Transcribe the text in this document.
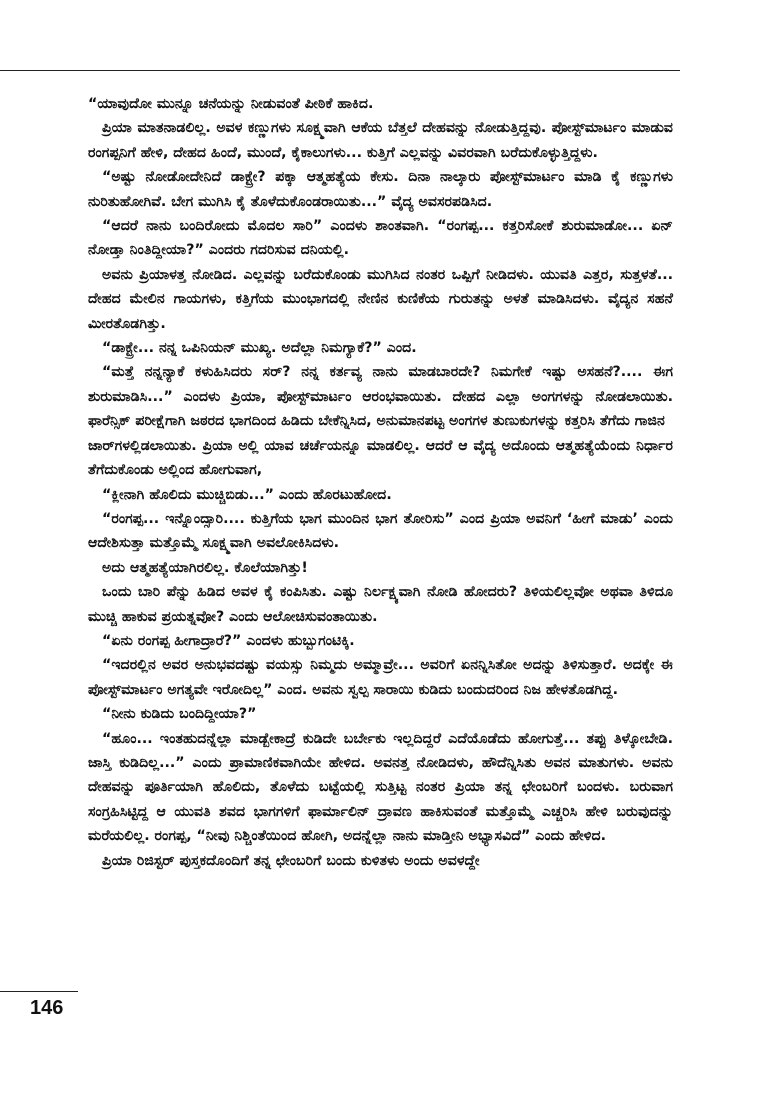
“ಯಾವುದೋ ಮುನ್ನೂ ಚನೆಯನ್ನು ನೀಡುವಂತೆ ಪೀಠಿಕೆ ಹಾಕಿದ.

ಪ್ರಿಯಾ ಮಾತನಾಡಲಿಲ್ಲ. ಅವಳ ಕಣ್ಣುಗಳು ಸೂಕ್ಷ್ಮವಾಗಿ ಆಕೆಯ ಬೆತ್ತಲೆ ದೇಹವನ್ನು ನೋಡುತ್ತಿದ್ದವು. ಪೋಸ್ಟ್‌ಮಾರ್ಟಂ ಮಾಡುವ ರಂಗಪ್ಪನಿಗೆ ಹೇಳಿ, ದೇಹದ ಹಿಂದೆ, ಮುಂದೆ, ಕೈಕಾಲುಗಳು... ಕುತ್ತಿಗೆ ಎಲ್ಲವನ್ನು ವಿವರವಾಗಿ ಬರೆದುಕೊಳ್ಳುತ್ತಿದ್ದಳು.

“ಅಷ್ಟು ನೋಡೋದೇನಿದೆ ಡಾಕ್ಟ್ರೇ? ಪಕ್ಕಾ ಆತ್ಮಹತ್ಯೆಯ ಕೇಸು. ದಿನಾ ನಾಲ್ಕಾರು ಪೋಸ್ಟ್‌ಮಾರ್ಟಂ ಮಾಡಿ ಕೈ ಕಣ್ಣುಗಳು ನುರಿತುಹೋಗಿವೆ. ಬೇಗ ಮುಗಿಸಿ ಕೈ ತೊಳೆದುಕೊಂಡರಾಯಿತು...” ವೈದ್ಯ ಅವಸರಪಡಿಸಿದ.

“ಆದರೆ ನಾನು ಬಂದಿರೋದು ಮೊದಲ ಸಾರಿ” ಎಂದಳು ಶಾಂತವಾಗಿ. “ರಂಗಪ್ಪ... ಕತ್ತರಿಸೋಕೆ ಶುರುಮಾಡೋ... ಏನ್ ನೋಡ್ತಾ ನಿಂತಿದ್ದೀಯಾ?” ಎಂದರು ಗದರಿಸುವ ದನಿಯಲ್ಲಿ.

ಅವನು ಪ್ರಿಯಾಳತ್ತ ನೋಡಿದ. ಎಲ್ಲವನ್ನು ಬರೆದುಕೊಂಡು ಮುಗಿಸಿದ ನಂತರ ಒಪ್ಪಿಗೆ ನೀಡಿದಳು. ಯುವತಿ ಎತ್ತರ, ಸುತ್ತಳತೆ... ದೇಹದ ಮೇಲಿನ ಗಾಯಗಳು, ಕತ್ತಿಗೆಯ ಮುಂಭಾಗದಲ್ಲಿ ನೇಣಿನ ಕುಣಿಕೆಯ ಗುರುತನ್ನು ಅಳತೆ ಮಾಡಿಸಿದಳು. ವೈದ್ಯನ ಸಹನೆ ಮೀರತೊಡಗಿತ್ತು.

“ಡಾಕ್ಟ್ರೇ... ನನ್ನ ಒಪಿನಿಯನ್ ಮುಖ್ಯ. ಅದೆಲ್ಲಾ ನಿಮಗ್ಯಾಕೆ?” ಎಂದ.

“ಮತ್ತೆ ನನ್ನನ್ಯಾಕೆ ಕಳುಹಿಸಿದರು ಸರ್? ನನ್ನ ಕರ್ತವ್ಯ ನಾನು ಮಾಡಬಾರದೇ? ನಿಮಗೇಕೆ ಇಷ್ಟು ಅಸಹನೆ?.... ಈಗ ಶುರುಮಾಡಿಸಿ...” ಎಂದಳು ಪ್ರಿಯಾ, ಪೋಸ್ಟ್‌ಮಾರ್ಟಂ ಆರಂಭವಾಯಿತು. ದೇಹದ ಎಲ್ಲಾ ಅಂಗಗಳನ್ನು ನೋಡಲಾಯಿತು. ಫಾರೆನ್ಸಿಕ್ ಪರೀಕ್ಷೆಗಾಗಿ ಜಠರದ ಭಾಗದಿಂದ ಹಿಡಿದು ಬೇಕೆನ್ನಿಸಿದ, ಅನುಮಾನಪಟ್ಟ ಅಂಗಗಳ ತುಣುಕುಗಳನ್ನು ಕತ್ತರಿಸಿ ತೆಗೆದು ಗಾಜಿನ

ಜಾರ್‌ಗಳಲ್ಲಿಡಲಾಯಿತು. ಪ್ರಿಯಾ ಅಲ್ಲಿ ಯಾವ ಚರ್ಚೆಯನ್ನೂ ಮಾಡಲಿಲ್ಲ. ಆದರೆ ಆ ವೈದ್ಯ ಅದೊಂದು ಆತ್ಮಹತ್ಯೆಯೆಂದು ನಿರ್ಧಾರ ತೆಗೆದುಕೊಂಡು ಅಲ್ಲಿಂದ ಹೋಗುವಾಗ,

“ಕ್ಲೀನಾಗಿ ಹೊಲಿದು ಮುಚ್ಚಿಬಿಡು...” ಎಂದು ಹೊರಟುಹೋದ.

“ರಂಗಪ್ಪ... ಇನ್ನೊಂದ್ಸಾರಿ.... ಕುತ್ತಿಗೆಯ ಭಾಗ ಮುಂದಿನ ಭಾಗ ತೋರಿಸು” ಎಂದ ಪ್ರಿಯಾ ಅವನಿಗೆ ‘ಹೀಗೆ ಮಾಡು’ ಎಂದು ಆದೇಶಿಸುತ್ತಾ ಮತ್ತೊಮ್ಮೆ ಸೂಕ್ಷ್ಮವಾಗಿ ಅವಲೋಕಿಸಿದಳು.

ಅದು ಆತ್ಮಹತ್ಯೆಯಾಗಿರಲಿಲ್ಲ. ಕೊಲೆಯಾಗಿತ್ತು!

ಒಂದು ಬಾರಿ ಪೆನ್ನು ಹಿಡಿದ ಅವಳ ಕೈ ಕಂಪಿಸಿತು. ಎಷ್ಟು ನಿರ್ಲಕ್ಷ್ಯವಾಗಿ ನೋಡಿ ಹೋದರು? ತಿಳಿಯಲಿಲ್ಲವೋ ಅಥವಾ ತಿಳಿದೂ ಮುಚ್ಚಿ ಹಾಕುವ ಪ್ರಯತ್ನವೋ? ಎಂದು ಆಲೋಚಿಸುವಂತಾಯಿತು.

“ಏನು ರಂಗಪ್ಪ ಹೀಗಾದ್ರಾರೆ?” ಎಂದಳು ಹುಬ್ಬುಗಂಟಿಕ್ಕಿ.

“ಇದರಲ್ಲಿನ ಅವರ ಅನುಭವದಷ್ಟು ವಯಸ್ಸು ನಿಮ್ಮದು ಅಮ್ಮಾವ್ರೇ... ಅವರಿಗೆ ಏನನ್ನಿಸಿತೋ ಅದನ್ನು ತಿಳಿಸುತ್ತಾರೆ. ಅದಕ್ಕೇ ಈ ಪೋಸ್ಟ್‌ಮಾರ್ಟಂ ಅಗತ್ಯವೇ ಇರೋದಿಲ್ಲ” ಎಂದ. ಅವನು ಸ್ವಲ್ಪ ಸಾರಾಯಿ ಕುಡಿದು ಬಂದುದರಿಂದ ನಿಜ ಹೇಳತೊಡಗಿದ್ದ.

“ನೀನು ಕುಡಿದು ಬಂದಿದ್ದೀಯಾ?”

“ಹೂಂ... ಇಂತಹುದನ್ನೆಲ್ಲಾ ಮಾಡ್ಬೇಕಾದ್ರೆ ಕುಡಿದೇ ಬರ್ಬೇಕು ಇಲ್ಲದಿದ್ದರೆ ಎದೆಯೊಡೆದು ಹೋಗುತ್ತೆ... ತಪ್ಪು ತಿಳ್ಕೋಬೇಡಿ. ಜಾಸ್ತಿ ಕುಡಿದಿಲ್ಲ...” ಎಂದು ಪ್ರಾಮಾಣಿಕವಾಗಿಯೇ ಹೇಳಿದ. ಅವನತ್ತ ನೋಡಿದಳು, ಹೌದೆನ್ನಿಸಿತು ಅವನ ಮಾತುಗಳು. ಅವನು ದೇಹವನ್ನು ಪೂರ್ತಿಯಾಗಿ ಹೊಲಿದು, ತೊಳೆದು ಬಟ್ಟೆಯಲ್ಲಿ ಸುತ್ತಿಟ್ಟ ನಂತರ ಪ್ರಿಯಾ ತನ್ನ ಛೇಂಬರಿಗೆ ಬಂದಳು. ಬರುವಾಗ ಸಂಗ್ರಹಿಸಿಟ್ಟಿದ್ದ ಆ ಯುವತಿ ಶವದ ಭಾಗಗಳಿಗೆ ಫಾರ್ಮಾಲಿನ್ ದ್ರಾವಣ ಹಾಕಿಸುವಂತೆ ಮತ್ತೊಮ್ಮೆ ಎಚ್ಚರಿಸಿ ಹೇಳಿ ಬರುವುದನ್ನು ಮರೆಯಲಿಲ್ಲ. ರಂಗಪ್ಪ, “ನೀವು ನಿಶ್ಚಿಂತೆಯಿಂದ ಹೋಗಿ, ಅದನ್ನೆಲ್ಲಾ ನಾನು ಮಾಡ್ತೀನಿ ಅಭ್ಯಾಸವಿದೆ” ಎಂದು ಹೇಳಿದ.

ಪ್ರಿಯಾ ರಿಜಿಸ್ಟರ್ ಪುಸ್ತಕದೊಂದಿಗೆ ತನ್ನ ಛೇಂಬರಿಗೆ ಬಂದು ಕುಳಿತಳು ಅಂದು ಅವಳದ್ದೇ

146
